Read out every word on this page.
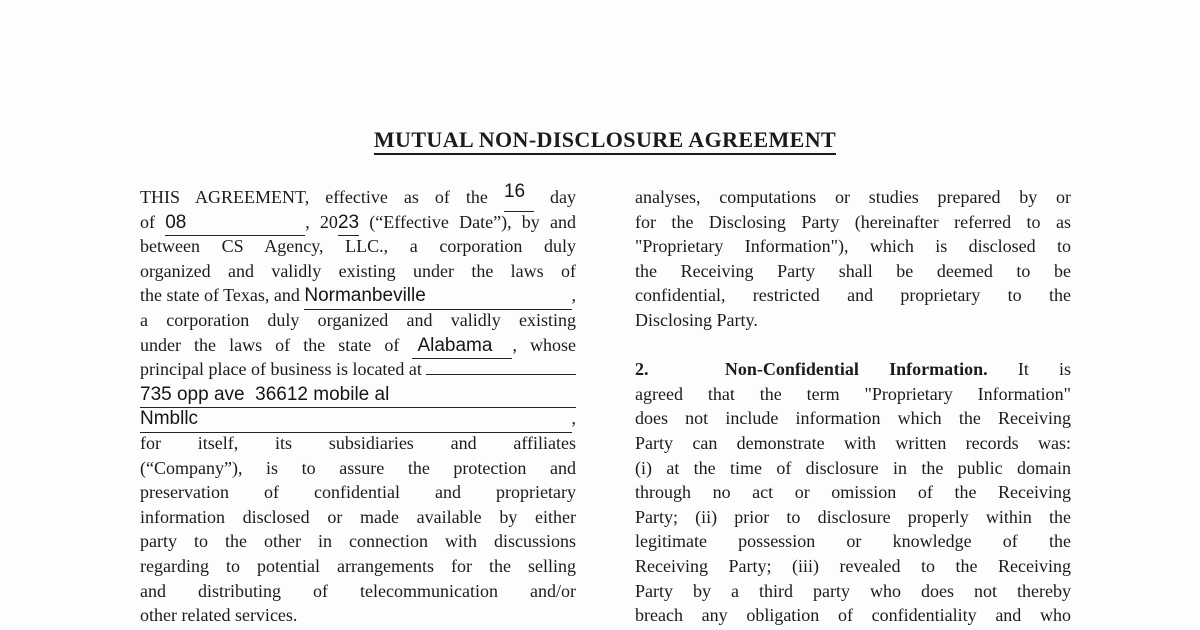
MUTUAL NON-DISCLOSURE AGREEMENT
THIS AGREEMENT, effective as of the 16 day
of 08	, 2023 (“Effective Date”), by and
between CS Agency, LLC., a corporation duly
organized and validly existing under the laws of
the state of Texas, and
Normanbeville	,
a corporation duly organized and validly existing
under the laws of the state of Alabama , whose
principal place of business is located at

735 opp ave  36612 mobile al
Nmbllc	,
for itself, its subsidiaries and affiliates
(“Company”), is to assure the protection and
preservation of confidential and proprietary
information disclosed or made available by either
party to the other in connection with discussions
regarding to potential arrangements for the selling
and distributing of telecommunication and/or
other related services.
analyses, computations or studies prepared by or
for the Disclosing Party (hereinafter referred to as
"Proprietary Information"), which is disclosed to
the Receiving Party shall be deemed to be
confidential, restricted and proprietary to the
Disclosing Party.
2.	Non-Confidential Information. It is
agreed that the term "Proprietary Information"
does not include information which the Receiving
Party can demonstrate with written records was:
(i) at the time of disclosure in the public domain
through no act or omission of the Receiving
Party; (ii) prior to disclosure properly within the
legitimate possession or knowledge of the
Receiving Party; (iii) revealed to the Receiving
Party by a third party who does not thereby
breach any obligation of confidentiality and who
